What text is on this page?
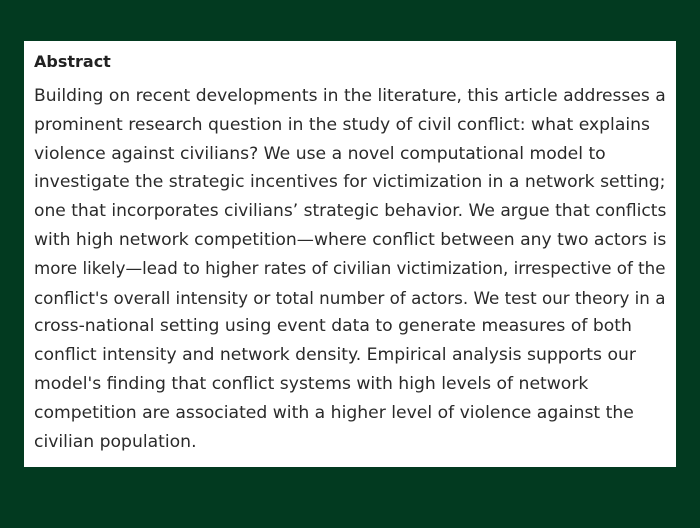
Abstract
Building on recent developments in the literature, this article addresses a
prominent research question in the study of civil conflict: what explains
violence against civilians? We use a novel computational model to
investigate the strategic incentives for victimization in a network setting;
one that incorporates civilians’ strategic behavior. We argue that conflicts
with high network competition—where conflict between any two actors is
more likely—lead to higher rates of civilian victimization, irrespective of the
conflict's overall intensity or total number of actors. We test our theory in a
cross-national setting using event data to generate measures of both
conflict intensity and network density. Empirical analysis supports our
model's finding that conflict systems with high levels of network
competition are associated with a higher level of violence against the
civilian population.
